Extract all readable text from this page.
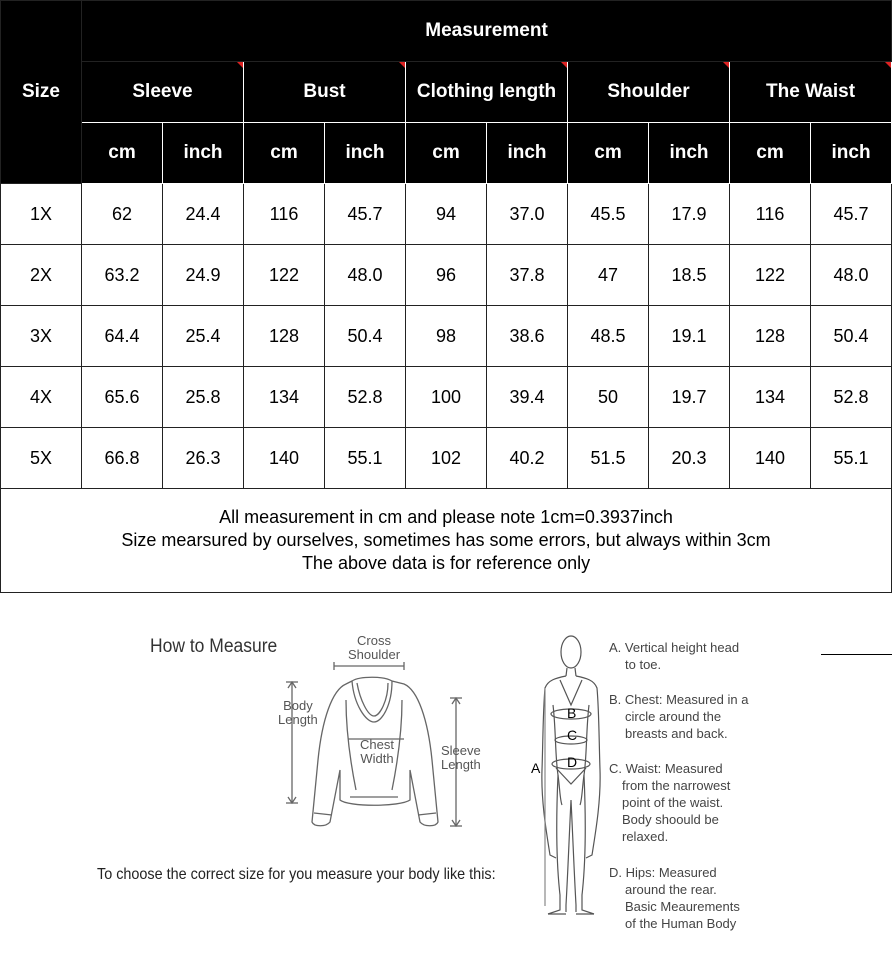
Size	Measurement									
	Sleeve		Bust		Clothing length		Shoulder		The Waist	

	cm	inch	cm	inch	cm	inch	cm	inch	cm	inch
1X	62	24.4	116	45.7	94	37.0	45.5	17.9	116	45.7
2X	63.2	24.9	122	48.0	96	37.8	47	18.5	122	48.0
3X	64.4	25.4	128	50.4	98	38.6	48.5	19.1	128	50.4
4X	65.6	25.8	134	52.8	100	39.4	50	19.7	134	52.8
5X	66.8	26.3	140	55.1	102	40.2	51.5	20.3	140	55.1

All measurement in cm and please note 1cm=0.3937inch
Size mearsured by ourselves, sometimes has some errors, but always within 3cm
The above data is for reference only										
How to Measure	Cross
Shoulder
Body
Length
Chest
Width
Sleeve
Length
To choose the correct size for you measure your body like this:
A
B
C
D
A. Vertical height head
to toe.
B. Chest: Measured in a
circle around the
breasts and back.
C. Waist: Measured
from the narrowest
point of the waist.
Body shoould be
relaxed.
D. Hips: Measured
around the rear.
Basic Meaurements
of the Human Body
